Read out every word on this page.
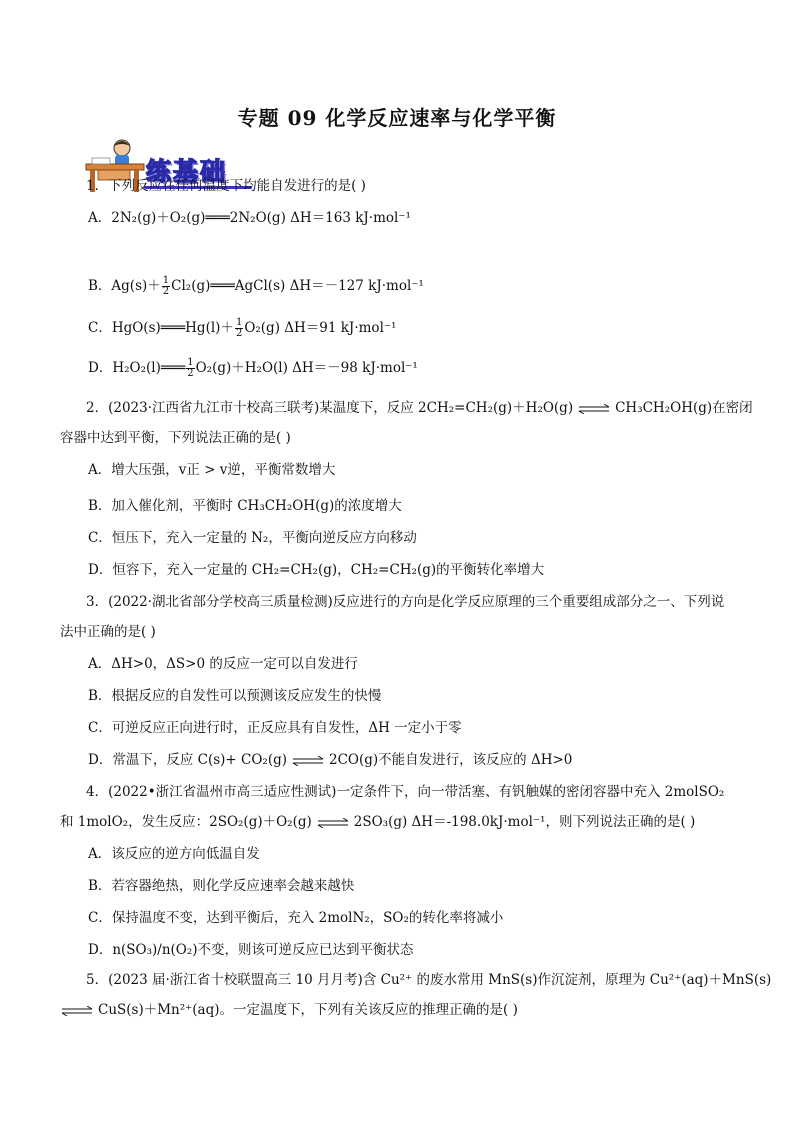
专题 09 化学反应速率与化学平衡
练基础
1．下列反应在任何温度下均能自发进行的是( )
A．2N₂(g)＋O₂(g)═══2N₂O(g) ΔH＝163 kJ·mol⁻¹
B．$Ag(s)+ \frac{1}{2}$ Cl₂(g)═══AgCl(s) ΔH＝－127 kJ·mol⁻¹
C．HgO(s)═══Hg(l)＋ $\frac{1}{2} O_2(g)$ ΔH＝91 kJ·mol⁻¹
D．H₂O₂(l)═══ $\frac{1}{2} O_2(g)+H_2O(l)$ ΔH＝－98 kJ·mol⁻¹
2．(2023·江西省九江市十校高三联考)某温度下，反应 2CH₂=CH₂(g)＋H₂O(g) ⇌ CH₃CH₂OH(g)在密闭
容器中达到平衡，下列说法正确的是( )
A．增大压强，v正 > v逆，平衡常数增大
B．加入催化剂，平衡时 CH₃CH₂OH(g)的浓度增大
C．恒压下，充入一定量的 N₂，平衡向逆反应方向移动
D．恒容下，充入一定量的 CH₂=CH₂(g)，CH₂=CH₂(g)的平衡转化率增大
3．(2022·湖北省部分学校高三质量检测)反应进行的方向是化学反应原理的三个重要组成部分之一、下列说
法中正确的是( )
A．ΔH>0，ΔS>0 的反应一定可以自发进行
B．根据反应的自发性可以预测该反应发生的快慢
C．可逆反应正向进行时，正反应具有自发性，ΔH 一定小于零
D．常温下，反应 C(s)+ CO₂(g) ⇌ 2CO(g)不能自发进行，该反应的 ΔH>0
4．(2022•浙江省温州市高三适应性测试)一定条件下，向一带活塞、有钒触媒的密闭容器中充入 2molSO₂
和 1molO₂，发生反应：2SO₂(g)＋O₂(g) ⇌ 2SO₃(g) ΔH＝-198.0kJ·mol⁻¹，则下列说法正确的是( )
A．该反应的逆方向低温自发
B．若容器绝热，则化学反应速率会越来越快
C．保持温度不变，达到平衡后，充入 2molN₂，SO₂的转化率将减小
D．n(SO₃)/n(O₂)不变，则该可逆反应已达到平衡状态
5．(2023 届·浙江省十校联盟高三 10 月月考)含 Cu²⁺ 的废水常用 MnS(s)作沉淀剂，原理为 Cu²⁺(aq)＋MnS(s)
⇌ CuS(s)＋Mn²⁺(aq)。一定温度下，下列有关该反应的推理正确的是( )
